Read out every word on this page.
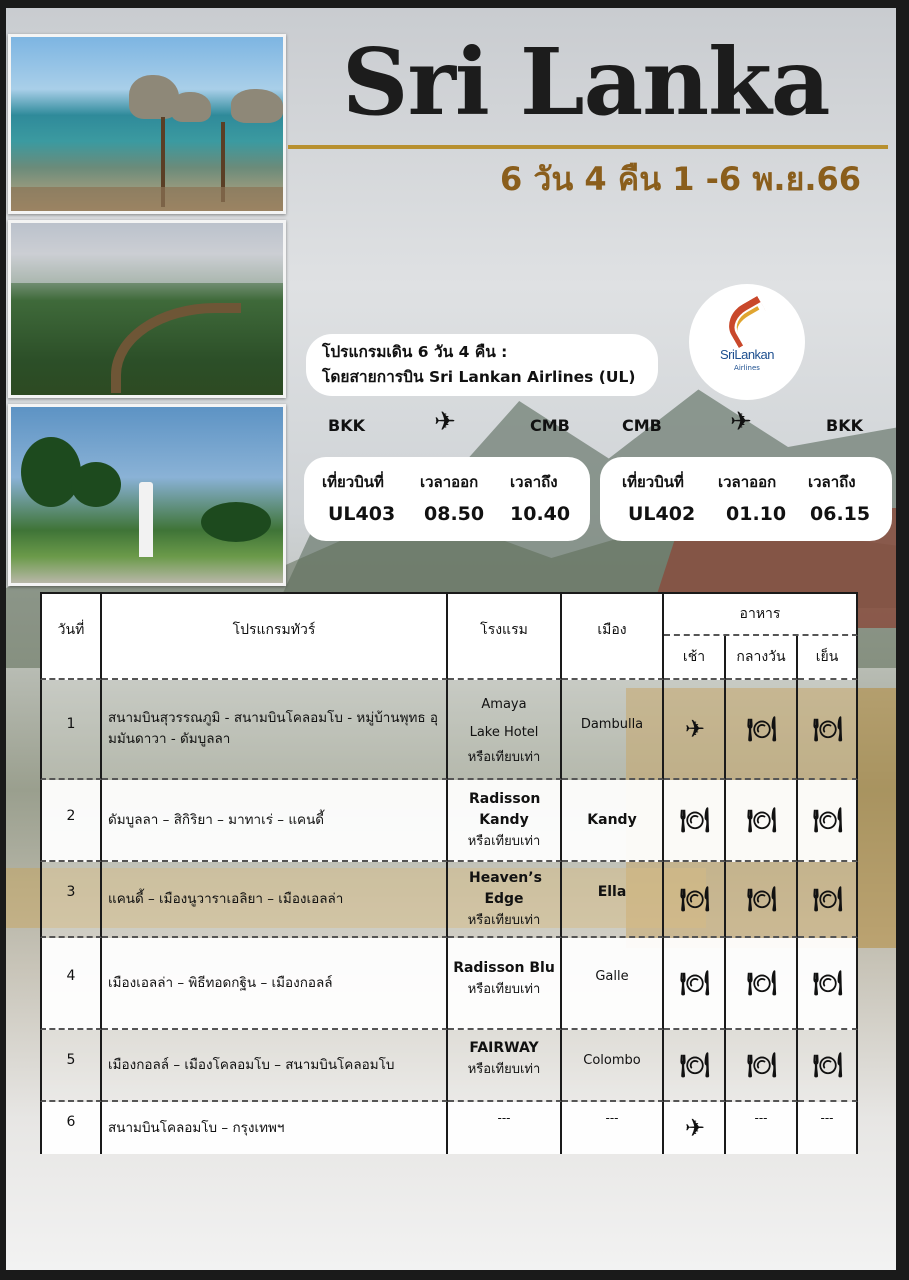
Sri Lanka
6 วัน 4 คืน 1 -6 พ.ย.66
โปรแกรมเดิน 6 วัน 4 คืน :
โดยสายการบิน Sri Lankan Airlines (UL)
SriLankan
Airlines
BKK	✈	CMB	CMB	✈	BKK
เที่ยวบินที่ เวลาออก เวลาถึง
UL403 08.50 10.40
เที่ยวบินที่ เวลาออก เวลาถึง
UL402 01.10 06.15
วันที่	โปรแกรมทัวร์	โรงแรม	เมือง
อาหาร
เช้า	กลางวัน	เย็น
1	สนามบินสุวรรณภูมิ - สนามบินโคลอมโบ - หมู่บ้านพุทธ อุมมันดาวา - ดัมบูลลา
Amaya Lake Hotel
หรือเทียบเท่า
Dambulla	✈	🍽	🍽
2	ดัมบูลลา – สิกิริยา – มาทาเร่ – แคนดี้
Radisson Kandy
หรือเทียบเท่า
Kandy	🍽	🍽	🍽
3	แคนดี้ – เมืองนูวาราเอลิยา – เมืองเอลล่า
Heaven’s Edge
หรือเทียบเท่า
Ella	🍽	🍽	🍽
4	เมืองเอลล่า – พิธีทอดกฐิน – เมืองกอลล์
Radisson Blu
หรือเทียบเท่า
Galle	🍽	🍽	🍽
5	เมืองกอลล์ – เมืองโคลอมโบ – สนามบินโคลอมโบ
FAIRWAY
หรือเทียบเท่า
Colombo	🍽	🍽	🍽
6	สนามบินโคลอมโบ – กรุงเทพฯ
---	---	✈	---	---
